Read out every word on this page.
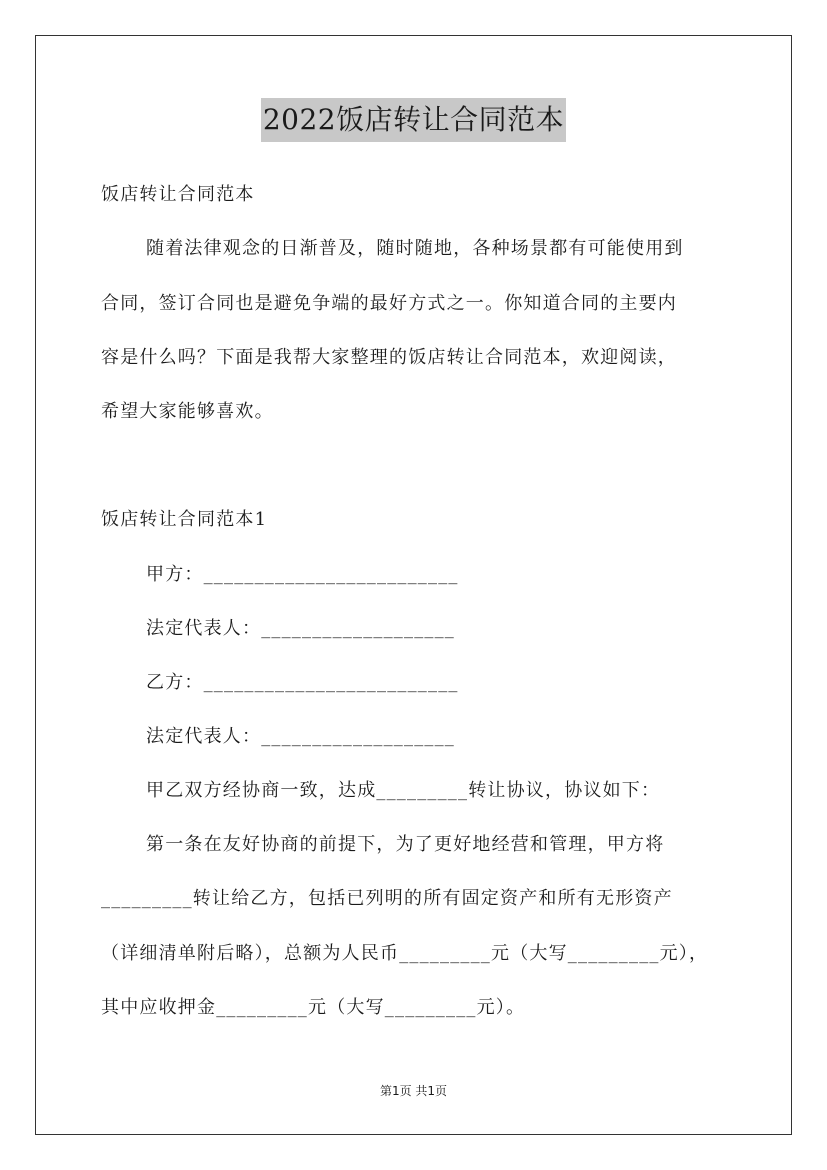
2022饭店转让合同范本
饭店转让合同范本
随着法律观念的日渐普及，随时随地，各种场景都有可能使用到
合同，签订合同也是避免争端的最好方式之一。你知道合同的主要内
容是什么吗？下面是我帮大家整理的饭店转让合同范本，欢迎阅读，
希望大家能够喜欢。
饭店转让合同范本1
甲方：_________________________
法定代表人：___________________
乙方：_________________________
法定代表人：___________________
甲乙双方经协商一致，达成_________转让协议，协议如下：
第一条在友好协商的前提下，为了更好地经营和管理，甲方将
_________转让给乙方，包括已列明的所有固定资产和所有无形资产
（详细清单附后略），总额为人民币_________元（大写_________元），
其中应收押金_________元（大写_________元）。
第1页 共1页
